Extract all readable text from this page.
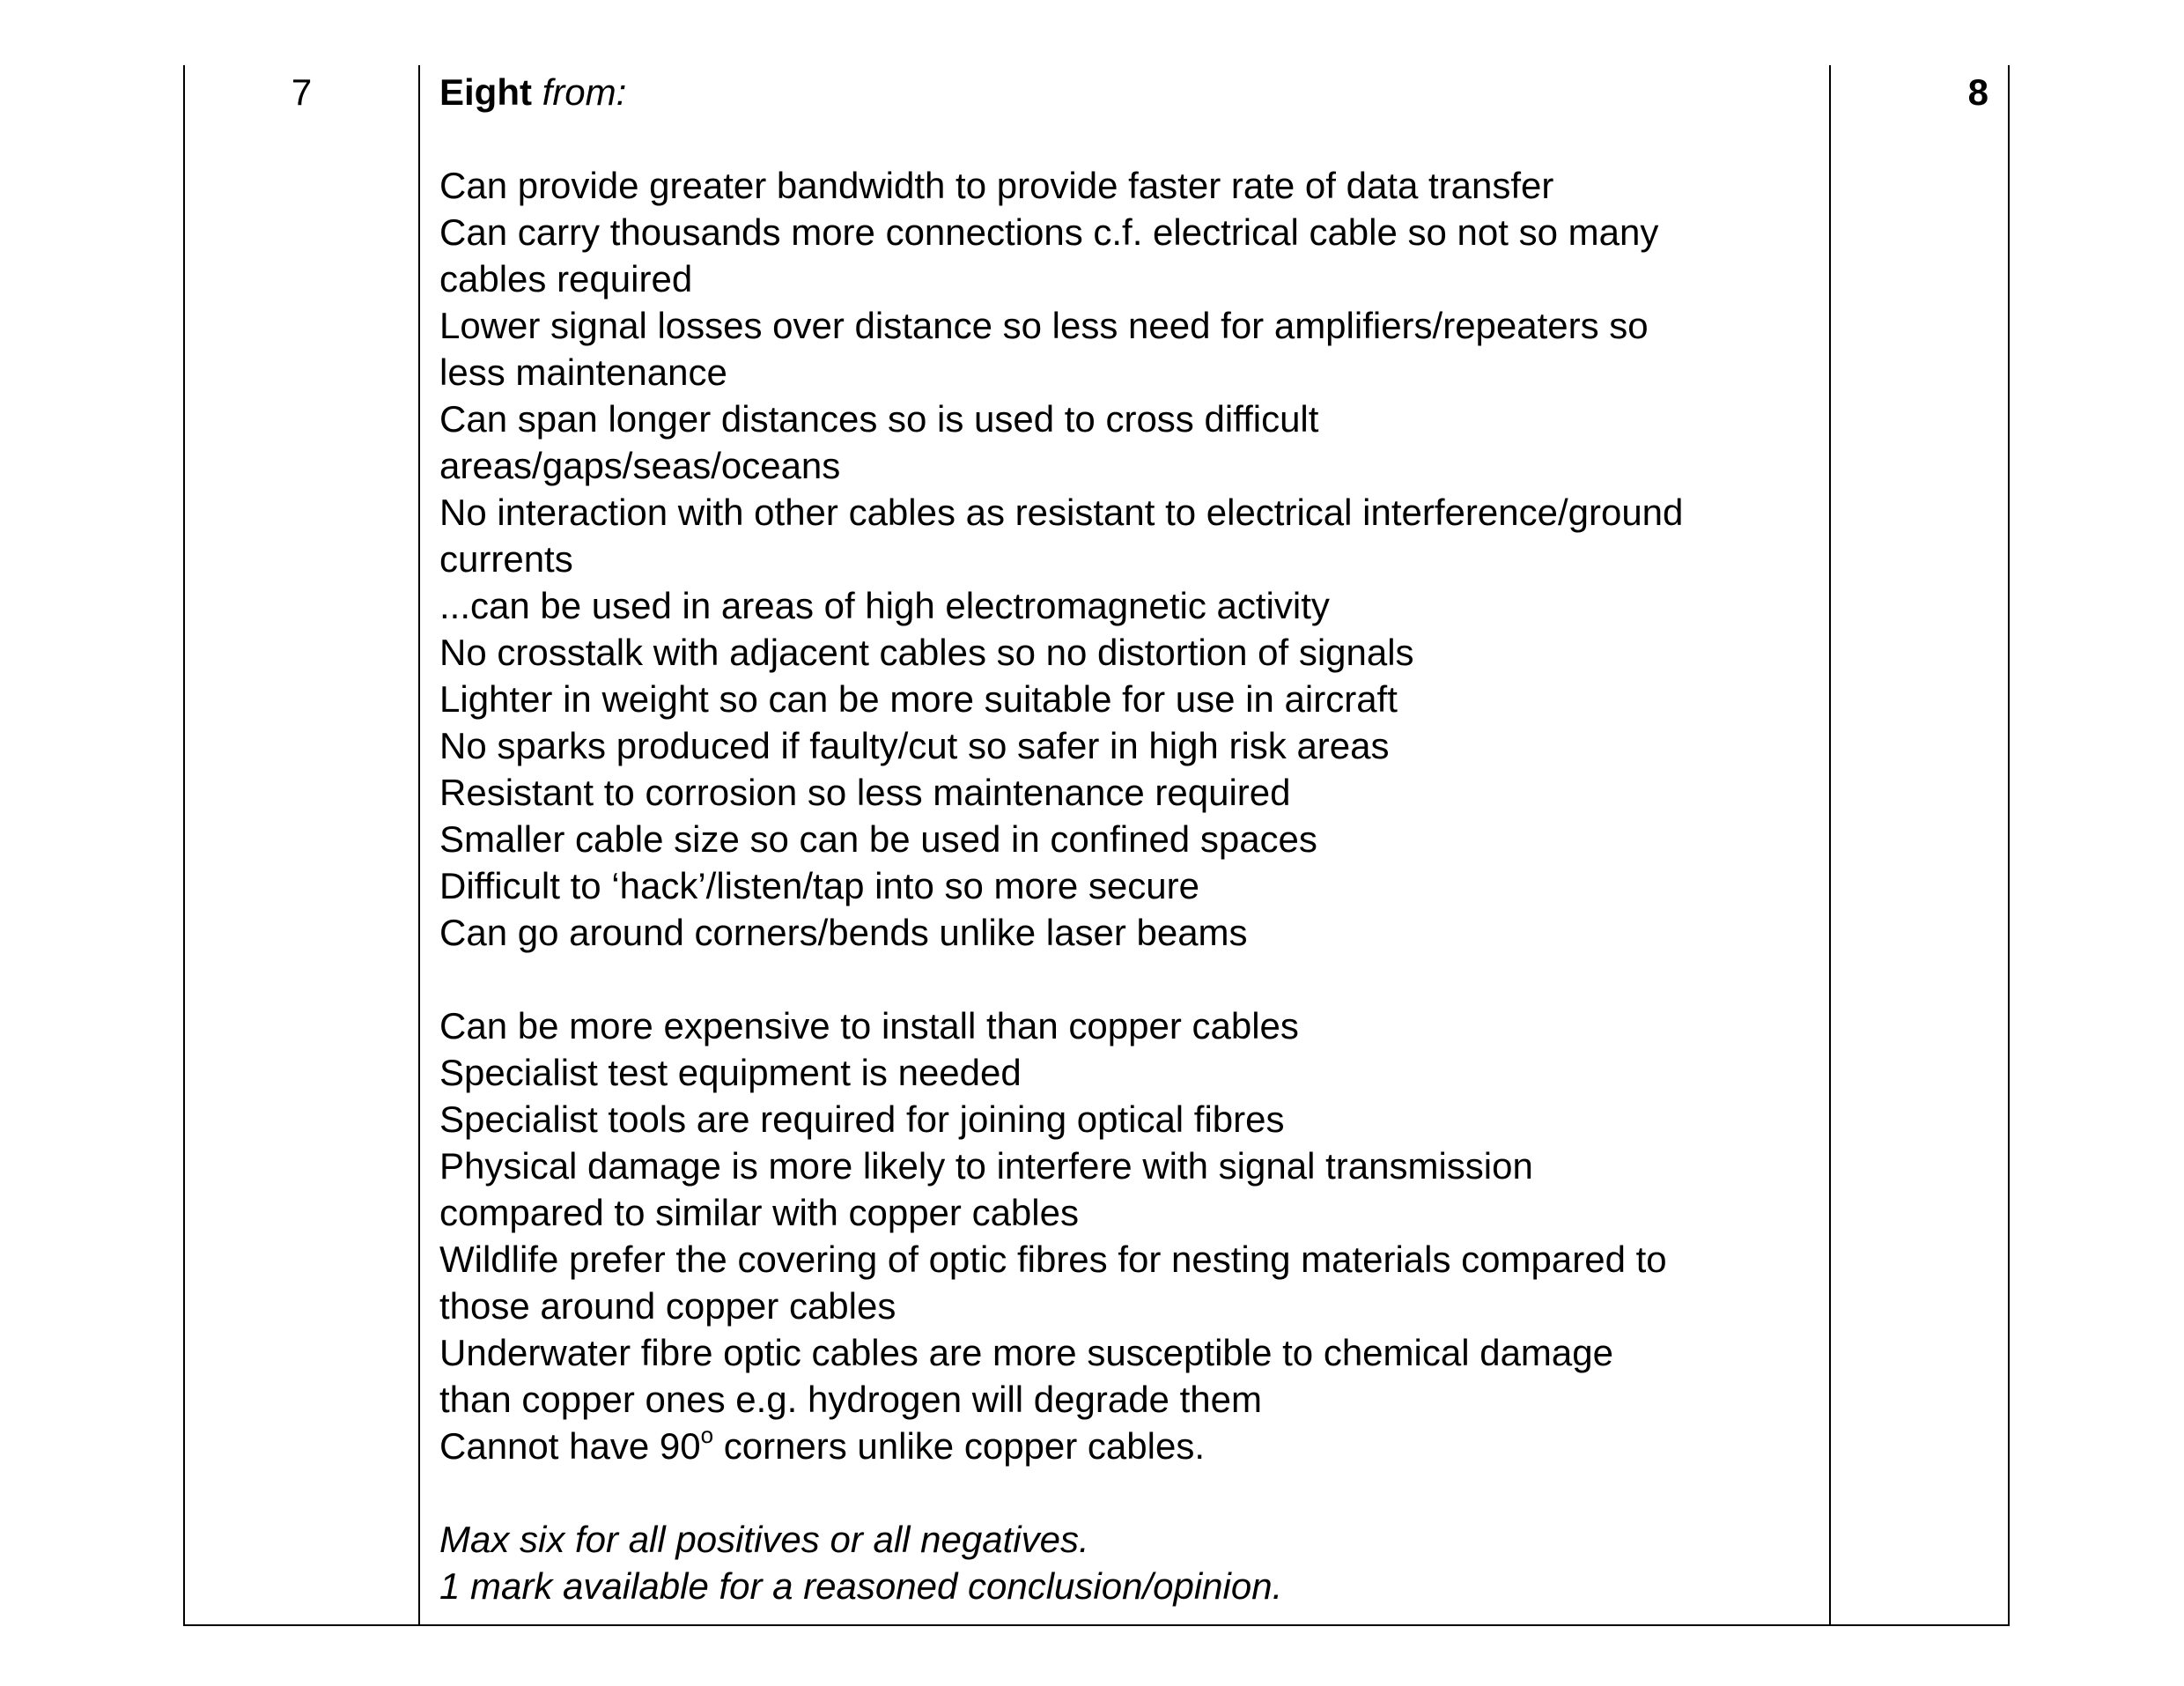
7	Eight from:
Can provide greater bandwidth to provide faster rate of data transfer
Can carry thousands more connections c.f. electrical cable so not so many
cables required
Lower signal losses over distance so less need for amplifiers/repeaters so
less maintenance
Can span longer distances so is used to cross difficult
areas/gaps/seas/oceans
No interaction with other cables as resistant to electrical interference/ground
currents
...can be used in areas of high electromagnetic activity
No crosstalk with adjacent cables so no distortion of signals
Lighter in weight so can be more suitable for use in aircraft
No sparks produced if faulty/cut so safer in high risk areas
Resistant to corrosion so less maintenance required
Smaller cable size so can be used in confined spaces
Difficult to ‘hack’/listen/tap into so more secure
Can go around corners/bends unlike laser beams
Can be more expensive to install than copper cables
Specialist test equipment is needed
Specialist tools are required for joining optical fibres
Physical damage is more likely to interfere with signal transmission
compared to similar with copper cables
Wildlife prefer the covering of optic fibres for nesting materials compared to
those around copper cables
Underwater fibre optic cables are more susceptible to chemical damage
than copper ones e.g. hydrogen will degrade them
Cannot have 90$^o$ corners unlike copper cables.
Max six for all positives or all negatives.
1 mark available for a reasoned conclusion/opinion.
8
